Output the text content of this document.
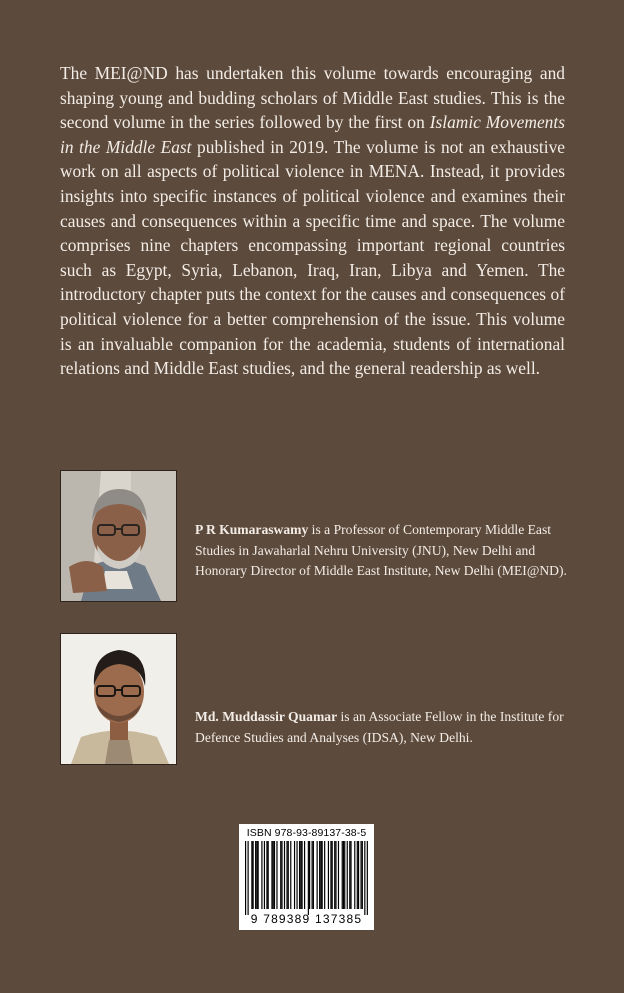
The MEI@ND has undertaken this volume towards encouraging and shaping young and budding scholars of Middle East studies. This is the second volume in the series followed by the first on Islamic Movements in the Middle East published in 2019. The volume is not an exhaustive work on all aspects of political violence in MENA. Instead, it provides insights into specific instances of political violence and examines their causes and consequences within a specific time and space. The volume comprises nine chapters encompassing important regional countries such as Egypt, Syria, Lebanon, Iraq, Iran, Libya and Yemen. The introductory chapter puts the context for the causes and consequences of political violence for a better comprehension of the issue. This volume is an invaluable companion for the academia, students of international relations and Middle East studies, and the general readership as well.

P R Kumaraswamy is a Professor of Contemporary Middle East Studies in Jawaharlal Nehru University (JNU), New Delhi and Honorary Director of Middle East Institute, New Delhi (MEI@ND).

Md. Muddassir Quamar is an Associate Fellow in the Institute for Defence Studies and Analyses (IDSA), New Delhi.

ISBN 978-93-89137-38-5
9 789389 137385
